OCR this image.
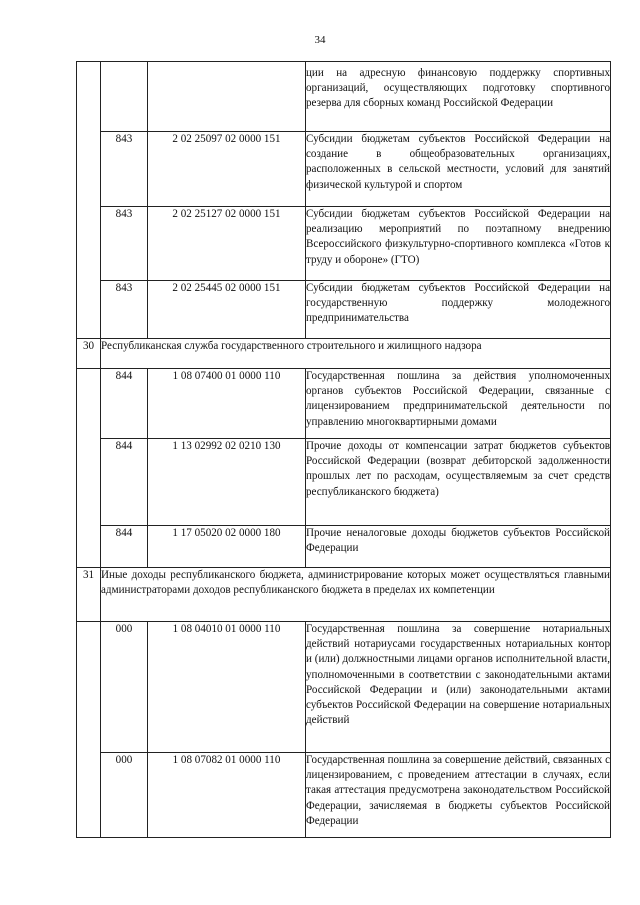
34
			ции на адресную финансовую поддержку спортивных организаций, осуществляющих подготовку спортивного резерва для сборных команд Российской Федерации
	843	2 02 25097 02 0000 151	Субсидии бюджетам субъектов Российской Федерации на создание в общеобразовательных организациях, расположенных в сельской местности, условий для занятий физической культурой и спортом
	843	2 02 25127 02 0000 151	Субсидии бюджетам субъектов Российской Федерации на реализацию мероприятий по поэтапному внедрению Всероссийского физкультурно-спортивного комплекса «Готов к труду и обороне» (ГТО)
	843	2 02 25445 02 0000 151	Субсидии бюджетам субъектов Российской Федерации на государственную поддержку молодежного предпринимательства
30	Республиканская служба государственного строительного и жилищного надзора		
	844	1 08 07400 01 0000 110	Государственная пошлина за действия уполномоченных органов субъектов Российской Федерации, связанные с лицензированием предпринимательской деятельности по управлению многоквартирными домами
	844	1 13 02992 02 0210 130	Прочие доходы от компенсации затрат бюджетов субъектов Российской Федерации (возврат дебиторской задолженности прошлых лет по расходам, осуществляемым за счет средств республиканского бюджета)
	844	1 17 05020 02 0000 180	Прочие неналоговые доходы бюджетов субъектов Российской Федерации
31	Иные доходы республиканского бюджета, администрирование которых может осуществляться главными администраторами доходов республиканского бюджета в пределах их компетенции		
	000	1 08 04010 01 0000 110	Государственная пошлина за совершение нотариальных действий нотариусами государственных нотариальных контор и (или) должностными лицами органов исполнительной власти, уполномоченными в соответствии с законодательными актами Российской Федерации и (или) законодательными актами субъектов Российской Федерации на совершение нотариальных действий
	000	1 08 07082 01 0000 110	Государственная пошлина за совершение действий, связанных с лицензированием, с проведением аттестации в случаях, если такая аттестация предусмотрена законодательством Российской Федерации, зачисляемая в бюджеты субъектов Российской Федерации
